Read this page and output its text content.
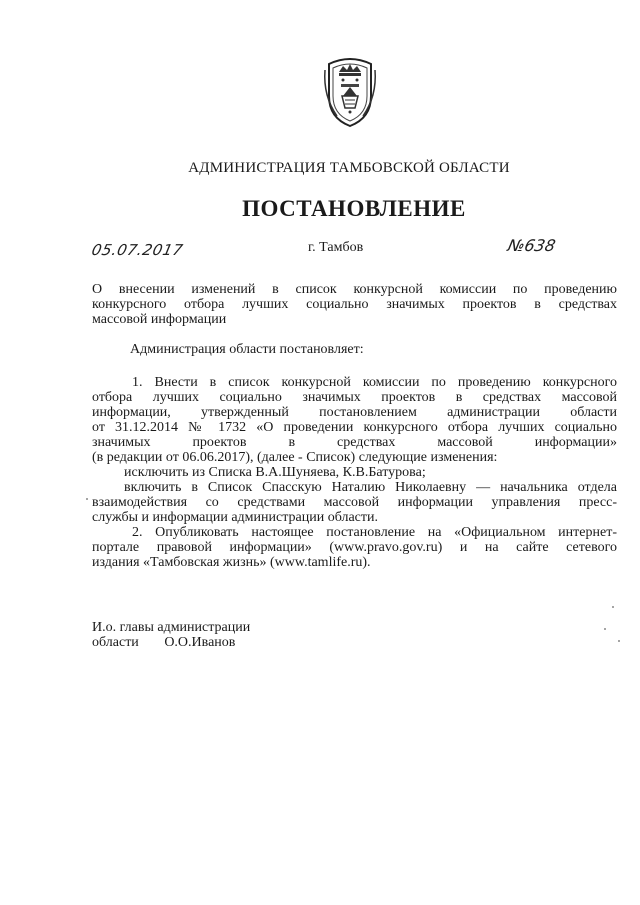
АДМИНИСТРАЦИЯ ТАМБОВСКОЙ ОБЛАСТИ
ПОСТАНОВЛЕНИЕ
05.07.2017	г. Тамбов	№638
О внесении изменений в список конкурсной комиссии по проведению
конкурсного отбора лучших социально значимых проектов в средствах
массовой информации
Администрация области постановляет:
1. Внести в список конкурсной комиссии по проведению конкурсного
отбора лучших социально значимых проектов в средствах массовой
информации, утвержденный постановлением администрации области
от 31.12.2014 № 1732 «О проведении конкурсного отбора лучших социально
значимых проектов в средствах массовой информации»
(в редакции от 06.06.2017), (далее - Список) следующие изменения:
исключить из Списка В.А.Шуняева, К.В.Батурова;
включить в Список Спасскую Наталию Николаевну — начальника отдела
взаимодействия со средствами массовой информации управления пресс-
службы и информации администрации области.
2. Опубликовать настоящее постановление на «Официальном интернет-
портале правовой информации» (www.pravo.gov.ru) и на сайте сетевого
издания «Тамбовская жизнь» (www.tamlife.ru).
И.о. главы администрации
области О.О.Иванов
